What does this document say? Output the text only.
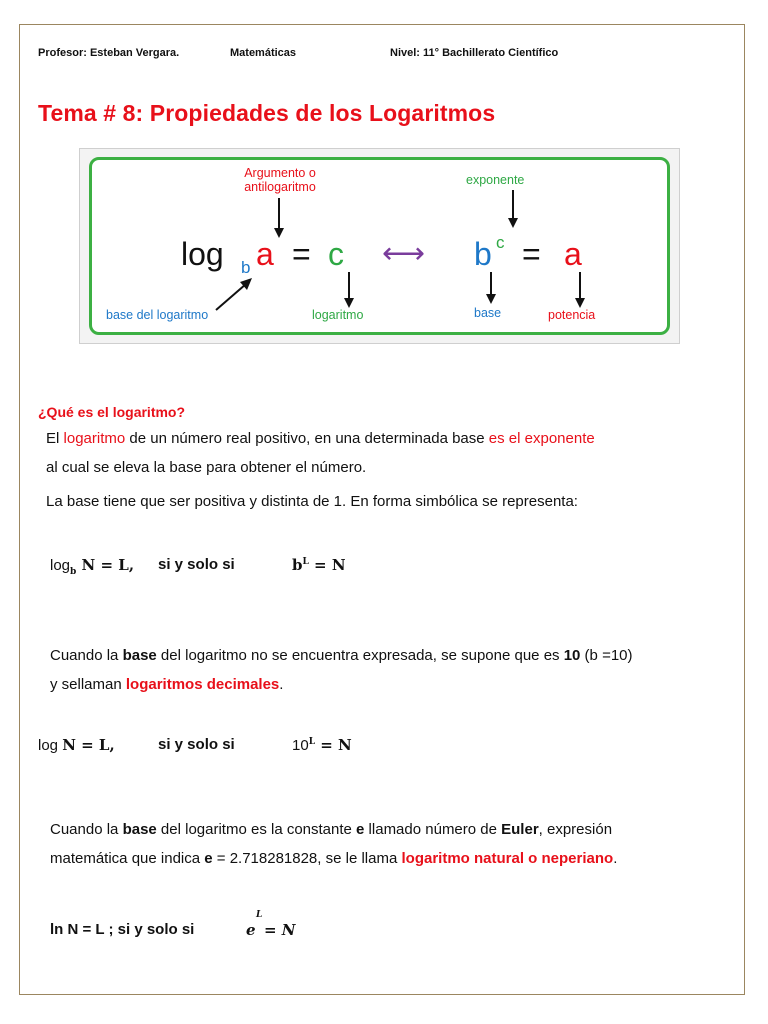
Profesor: Esteban Vergara.	Matemáticas	Nivel: 11° Bachillerato Científico
Tema # 8: Propiedades de los Logaritmos
Argumento o
antilogaritmo	exponente
log b a = c ⟷ b c = a
base del logaritmo	logaritmo	base	potencia
¿Qué es el logaritmo?
El logaritmo de un número real positivo, en una determinada base es el exponente
al cual se eleva la base para obtener el número.
La base tiene que ser positiva y distinta de 1. En forma simbólica se representa:
$\log_b N = L$, si y solo si	$b^L = N$
Cuando la base del logaritmo no se encuentra expresada, se supone que es 10 (b =10)
y sellaman logaritmos decimales.
log N = L,	si y solo si	$10^L = N$
Cuando la base del logaritmo es la constante e llamado número de Euler, expresión
matemática que indica e = 2.718281828, se le llama logaritmo natural o neperiano.
ln N = L ; si y solo si	e
L
= N
